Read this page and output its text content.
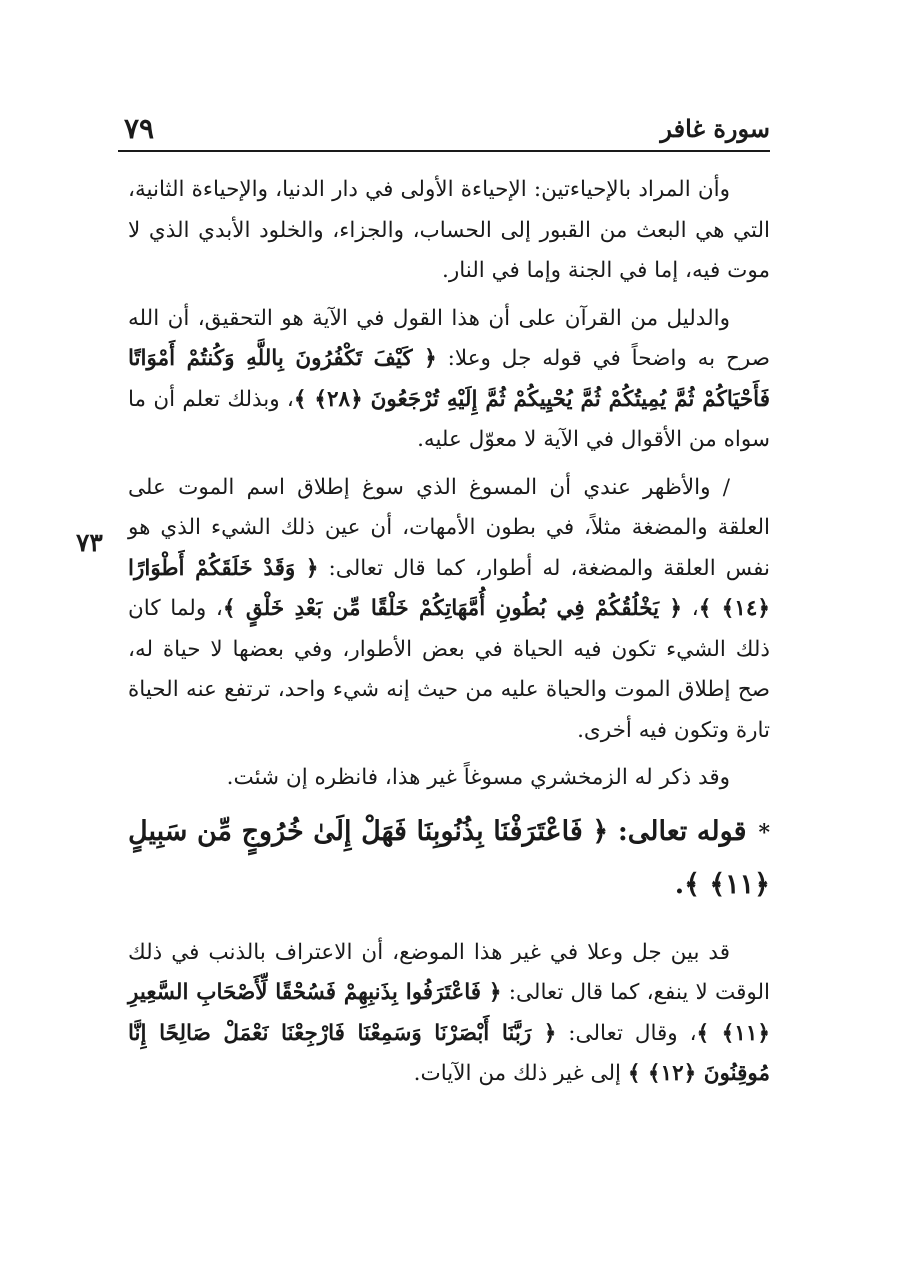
سورة غافر
٧٩
٧٣

وأن المراد بالإحياءتين: الإحياءة الأولى في دار الدنيا، والإحياءة الثانية، التي هي البعث من القبور إلى الحساب، والجزاء، والخلود الأبدي الذي لا موت فيه، إما في الجنة وإما في النار.

والدليل من القرآن على أن هذا القول في الآية هو التحقيق، أن الله صرح به واضحاً في قوله جل وعلا: ﴿ كَيْفَ تَكْفُرُونَ بِاللَّهِ وَكُنتُمْ أَمْوَاتًا فَأَحْيَاكُمْ ثُمَّ يُمِيتُكُمْ ثُمَّ يُحْيِيكُمْ ثُمَّ إِلَيْهِ تُرْجَعُونَ ﴿٢٨﴾ ﴾، وبذلك تعلم أن ما سواه من الأقوال في الآية لا معوّل عليه.

/ والأظهر عندي أن المسوغ الذي سوغ إطلاق اسم الموت على العلقة والمضغة مثلاً، في بطون الأمهات، أن عين ذلك الشيء الذي هو نفس العلقة والمضغة، له أطوار، كما قال تعالى: ﴿ وَقَدْ خَلَقَكُمْ أَطْوَارًا ﴿١٤﴾ ﴾، ﴿ يَخْلُقُكُمْ فِي بُطُونِ أُمَّهَاتِكُمْ خَلْقًا مِّن بَعْدِ خَلْقٍ ﴾، ولما كان ذلك الشيء تكون فيه الحياة في بعض الأطوار، وفي بعضها لا حياة له، صح إطلاق الموت والحياة عليه من حيث إنه شيء واحد، ترتفع عنه الحياة تارة وتكون فيه أخرى.

وقد ذكر له الزمخشري مسوغاً غير هذا، فانظره إن شئت.

*قوله تعالى: ﴿ فَاعْتَرَفْنَا بِذُنُوبِنَا فَهَلْ إِلَىٰ خُرُوجٍ مِّن سَبِيلٍ ﴿١١﴾ ﴾.

قد بين جل وعلا في غير هذا الموضع، أن الاعتراف بالذنب في ذلك الوقت لا ينفع، كما قال تعالى: ﴿ فَاعْتَرَفُوا بِذَنبِهِمْ فَسُحْقًا لِّأَصْحَابِ السَّعِيرِ ﴿١١﴾ ﴾، وقال تعالى: ﴿ رَبَّنَا أَبْصَرْنَا وَسَمِعْنَا فَارْجِعْنَا نَعْمَلْ صَالِحًا إِنَّا مُوقِنُونَ ﴿١٢﴾ ﴾ إلى غير ذلك من الآيات.
